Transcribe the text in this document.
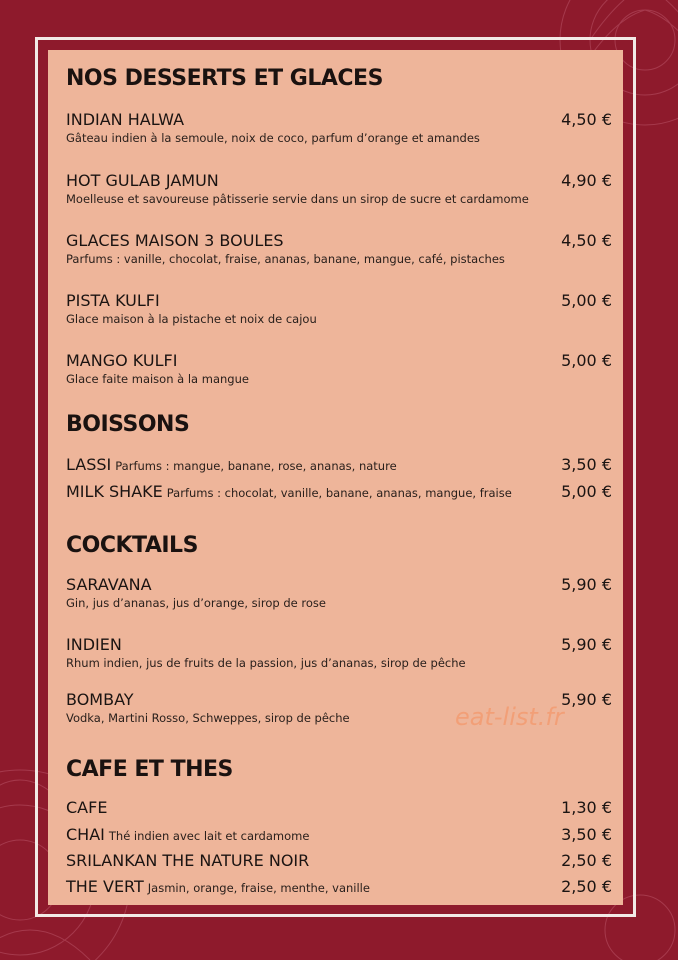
NOS DESSERTS ET GLACES
INDIAN HALWA
Gâteau indien à la semoule, noix de coco, parfum d’orange et amandes
4,50 €
HOT GULAB JAMUN
Moelleuse et savoureuse pâtisserie servie dans un sirop de sucre et cardamome
4,90 €
GLACES MAISON 3 BOULES
Parfums : vanille, chocolat, fraise, ananas, banane, mangue, café, pistaches
4,50 €
PISTA KULFI
Glace maison à la pistache et noix de cajou
5,00 €
MANGO KULFI
Glace faite maison à la mangue
5,00 €
BOISSONS
LASSI Parfums : mangue, banane, rose, ananas, nature	3,50 €
MILK SHAKE Parfums : chocolat, vanille, banane, ananas, mangue, fraise	5,00 €
COCKTAILS
SARAVANA
Gin, jus d’ananas, jus d’orange, sirop de rose
5,90 €
INDIEN
Rhum indien, jus de fruits de la passion, jus d’ananas, sirop de pêche
5,90 €
BOMBAY
Vodka, Martini Rosso, Schweppes, sirop de pêche
5,90 €
eat-list.fr
CAFE ET THES
CAFE	1,30 €
CHAI Thé indien avec lait et cardamome	3,50 €
SRILANKAN THE NATURE NOIR	2,50 €
THE VERT Jasmin, orange, fraise, menthe, vanille	2,50 €
